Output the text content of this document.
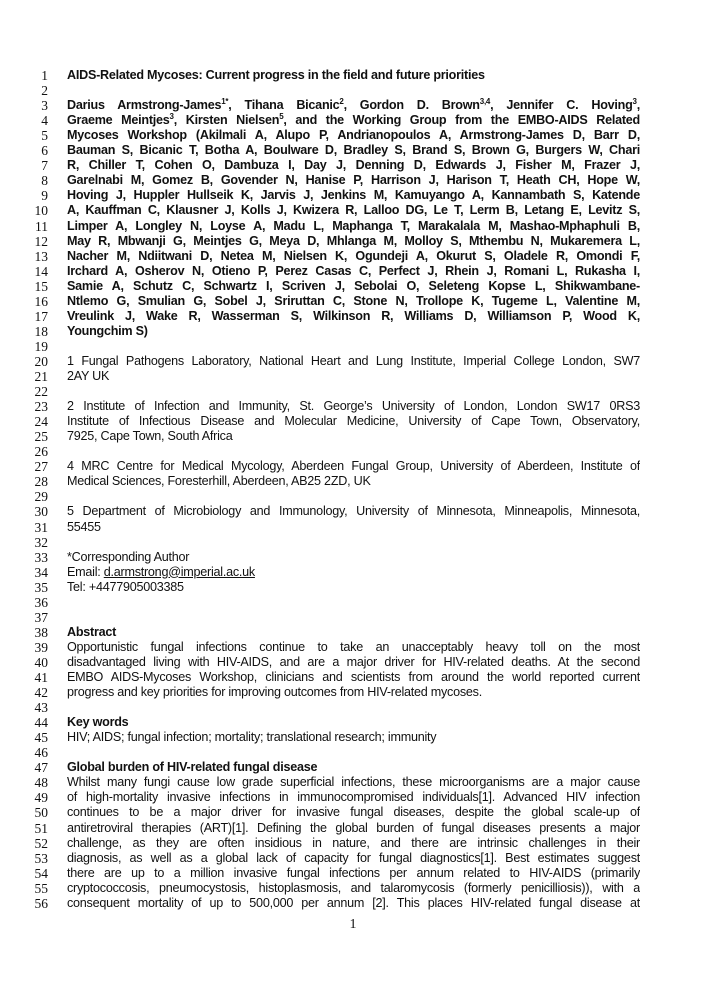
1 AIDS-Related Mycoses: Current progress in the field and future priorities
2
3 Darius Armstrong-James$^{1*}$, Tihana Bicanic$^2$, Gordon D. Brown$^{3,4}$, Jennifer C. Hoving$^3$,
4 Graeme Meintjes$^3$, Kirsten Nielsen$^5$, and the Working Group from the EMBO-AIDS Related
5 Mycoses Workshop (Akilmali A, Alupo P, Andrianopoulos A, Armstrong-James D, Barr D,
6 Bauman S, Bicanic T, Botha A, Boulware D, Bradley S, Brand S, Brown G, Burgers W, Chari
7 R, Chiller T, Cohen O, Dambuza I, Day J, Denning D, Edwards J, Fisher M, Frazer J,
8 Garelnabi M, Gomez B, Govender N, Hanise P, Harrison J, Harison T, Heath CH, Hope W,
9 Hoving J, Huppler Hullseik K, Jarvis J, Jenkins M, Kamuyango A, Kannambath S, Katende
10 A, Kauffman C, Klausner J, Kolls J, Kwizera R, Lalloo DG, Le T, Lerm B, Letang E, Levitz S,
11 Limper A, Longley N, Loyse A, Madu L, Maphanga T, Marakalala M, Mashao-Mphaphuli B,
12 May R, Mbwanji G, Meintjes G, Meya D, Mhlanga M, Molloy S, Mthembu N, Mukaremera L,
13 Nacher M, Ndiitwani D, Netea M, Nielsen K, Ogundeji A, Okurut S, Oladele R, Omondi F,
14 Irchard A, Osherov N, Otieno P, Perez Casas C, Perfect J, Rhein J, Romani L, Rukasha I,
15 Samie A, Schutz C, Schwartz I, Scriven J, Sebolai O, Seleteng Kopse L, Shikwambane-
16 Ntlemo G, Smulian G, Sobel J, Sriruttan C, Stone N, Trollope K, Tugeme L, Valentine M,
17 Vreulink J, Wake R, Wasserman S, Wilkinson R, Williams D, Williamson P, Wood K,
18 Youngchim S)
19
20 1 Fungal Pathogens Laboratory, National Heart and Lung Institute, Imperial College London, SW7
21 2AY UK
22
23 2 Institute of Infection and Immunity, St. George’s University of London, London SW17 0RS3
24 Institute of Infectious Disease and Molecular Medicine, University of Cape Town, Observatory,
25 7925, Cape Town, South Africa
26
27 4 MRC Centre for Medical Mycology, Aberdeen Fungal Group, University of Aberdeen, Institute of
28 Medical Sciences, Foresterhill, Aberdeen, AB25 2ZD, UK
29
30 5 Department of Microbiology and Immunology, University of Minnesota, Minneapolis, Minnesota,
31 55455
32
33 *Corresponding Author
34 Email: d.armstrong@imperial.ac.uk
35 Tel: +4477905003385
36
37
38 Abstract
39 Opportunistic fungal infections continue to take an unacceptably heavy toll on the most
40 disadvantaged living with HIV-AIDS, and are a major driver for HIV-related deaths. At the second
41 EMBO AIDS-Mycoses Workshop, clinicians and scientists from around the world reported current
42 progress and key priorities for improving outcomes from HIV-related mycoses.
43
44 Key words
45 HIV; AIDS; fungal infection; mortality; translational research; immunity
46
47 Global burden of HIV-related fungal disease
48 Whilst many fungi cause low grade superficial infections, these microorganisms are a major cause
49 of high-mortality invasive infections in immunocompromised individuals[1]. Advanced HIV infection
50 continues to be a major driver for invasive fungal diseases, despite the global scale-up of
51 antiretroviral therapies (ART)[1]. Defining the global burden of fungal diseases presents a major
52 challenge, as they are often insidious in nature, and there are intrinsic challenges in their
53 diagnosis, as well as a global lack of capacity for fungal diagnostics[1]. Best estimates suggest
54 there are up to a million invasive fungal infections per annum related to HIV-AIDS (primarily
55 cryptococcosis, pneumocystosis, histoplasmosis, and talaromycosis (formerly penicilliosis)), with a
56 consequent mortality of up to 500,000 per annum [2]. This places HIV-related fungal disease at
1
